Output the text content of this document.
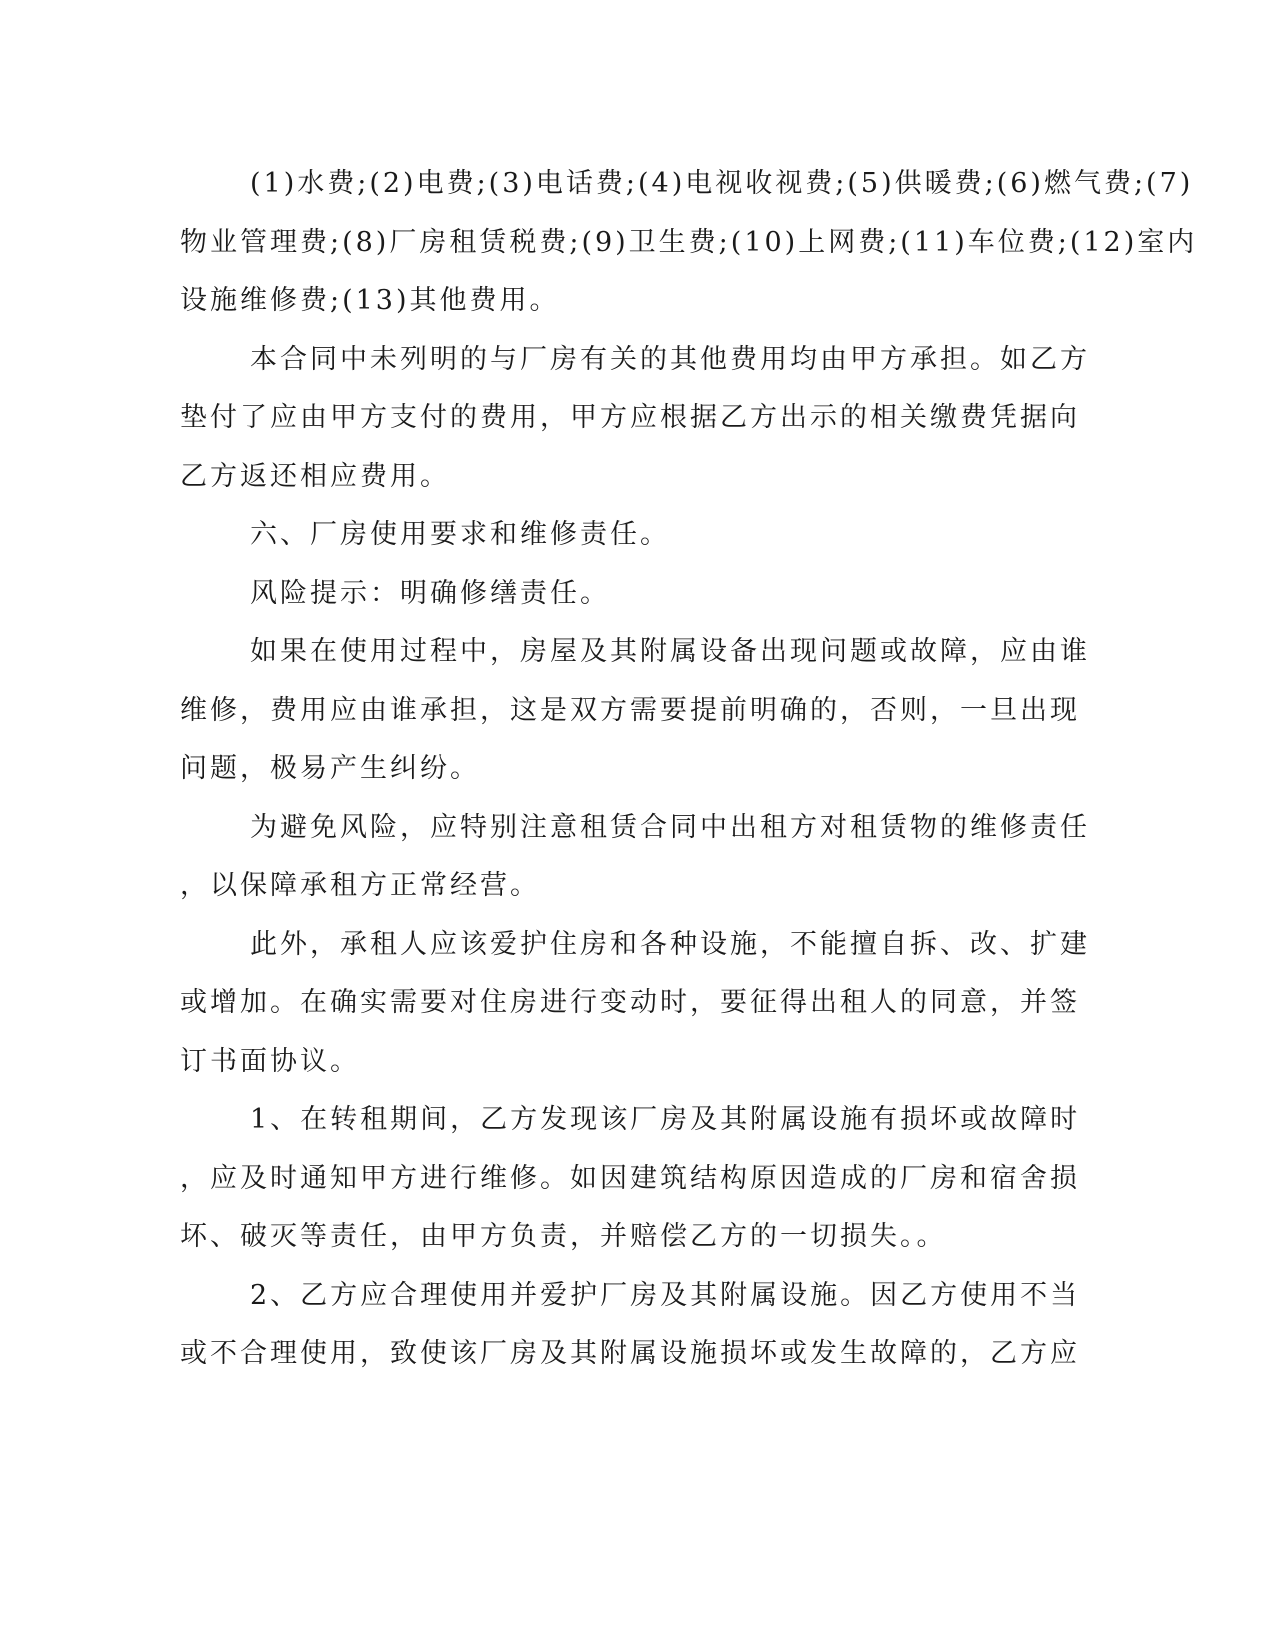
(1)水费;(2)电费;(3)电话费;(4)电视收视费;(5)供暖费;(6)燃气费;(7)
物业管理费;(8)厂房租赁税费;(9)卫生费;(10)上网费;(11)车位费;(12)室内
设施维修费;(13)其他费用。
本合同中未列明的与厂房有关的其他费用均由甲方承担。如乙方
垫付了应由甲方支付的费用，甲方应根据乙方出示的相关缴费凭据向
乙方返还相应费用。
六、厂房使用要求和维修责任。
风险提示：明确修缮责任。
如果在使用过程中，房屋及其附属设备出现问题或故障，应由谁
维修，费用应由谁承担，这是双方需要提前明确的，否则，一旦出现
问题，极易产生纠纷。
为避免风险，应特别注意租赁合同中出租方对租赁物的维修责任
，以保障承租方正常经营。
此外，承租人应该爱护住房和各种设施，不能擅自拆、改、扩建
或增加。在确实需要对住房进行变动时，要征得出租人的同意，并签
订书面协议。
1、在转租期间，乙方发现该厂房及其附属设施有损坏或故障时
，应及时通知甲方进行维修。如因建筑结构原因造成的厂房和宿舍损
坏、破灭等责任，由甲方负责，并赔偿乙方的一切损失。。
2、乙方应合理使用并爱护厂房及其附属设施。因乙方使用不当
或不合理使用，致使该厂房及其附属设施损坏或发生故障的，乙方应
